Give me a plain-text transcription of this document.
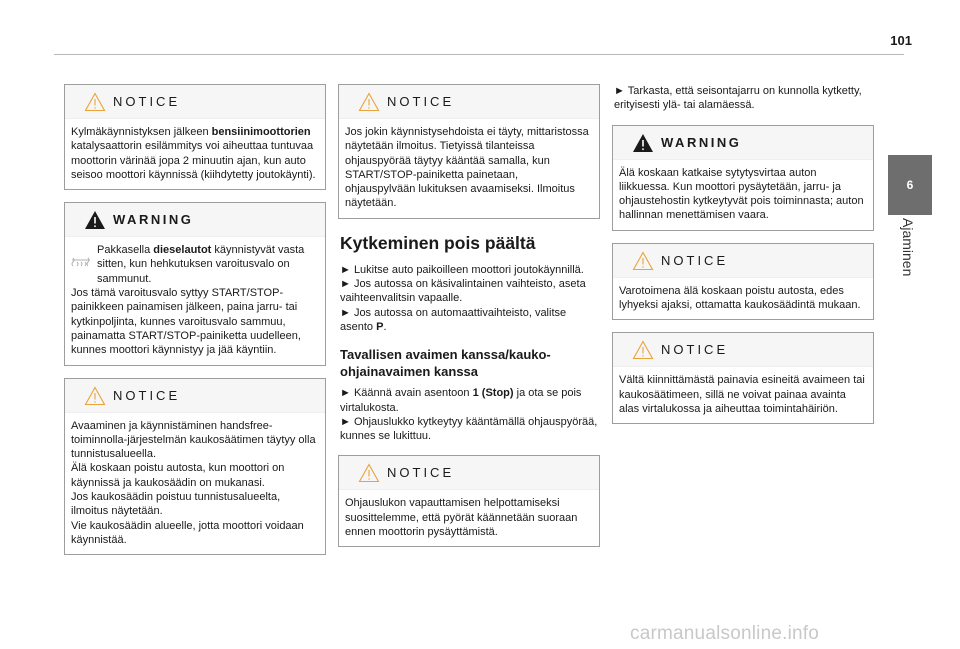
101
6
Ajaminen
NOTICE

Kylmäkäynnistyksen jälkeen bensiinimoottorien katalysaattorin esilämmitys voi aiheuttaa tuntuvaa moottorin värinää jopa 2 minuutin ajan, kun auto seisoo moottori käynnissä (kiihdytetty joutokäynti).

WARNING

Pakkasella dieselautot käynnistyvät vasta sitten, kun hehkutuksen varoitusvalo on sammunut.

Jos tämä varoitusvalo syttyy START/STOP-painikkeen painamisen jälkeen, paina jarru- tai kytkinpoljinta, kunnes varoitusvalo sammuu, painamatta START/STOP-painiketta uudelleen, kunnes moottori käynnistyy ja jää käyntiin.

NOTICE

Avaaminen ja käynnistäminen handsfree-toiminnolla-järjestelmän kaukosäätimen täytyy olla tunnistusalueella.

Älä koskaan poistu autosta, kun moottori on käynnissä ja kaukosäädin on mukanasi.

Jos kaukosäädin poistuu tunnistusalueelta, ilmoitus näytetään.

Vie kaukosäädin alueelle, jotta moottori voidaan käynnistää.

NOTICE

Jos jokin käynnistysehdoista ei täyty, mittaristossa näytetään ilmoitus. Tietyissä tilanteissa ohjauspyörää täytyy kääntää samalla, kun START/STOP-painiketta painetaan, ohjauspylvään lukituksen avaamiseksi. Ilmoitus näytetään.

Kytkeminen pois päältä

► Lukitse auto paikoilleen moottori joutokäynnillä.

► Jos autossa on käsivalintainen vaihteisto, aseta vaihteenvalitsin vapaalle.

► Jos autossa on automaattivaihteisto, valitse asento P.

Tavallisen avaimen kanssa/kauko-ohjainavaimen kanssa

► Käännä avain asentoon 1 (Stop) ja ota se pois virtalukosta.

► Ohjauslukko kytkeytyy kääntämällä ohjauspyörää, kunnes se lukittuu.

NOTICE

Ohjauslukon vapauttamisen helpottamiseksi suosittelemme, että pyörät käännetään suoraan ennen moottorin pysäyttämistä.

► Tarkasta, että seisontajarru on kunnolla kytketty, erityisesti ylä- tai alamäessä.

WARNING

Älä koskaan katkaise sytytysvirtaa auton liikkuessa. Kun moottori pysäytetään, jarru- ja ohjaustehostin kytkeytyvät pois toiminnasta; auton hallinnan menettämisen vaara.

NOTICE

Varotoimena älä koskaan poistu autosta, edes lyhyeksi ajaksi, ottamatta kaukosäädintä mukaan.

NOTICE

Vältä kiinnittämästä painavia esineitä avaimeen tai kaukosäätimeen, sillä ne voivat painaa avainta alas virtalukossa ja aiheuttaa toimintahäiriön.

carmanualsonline.info
